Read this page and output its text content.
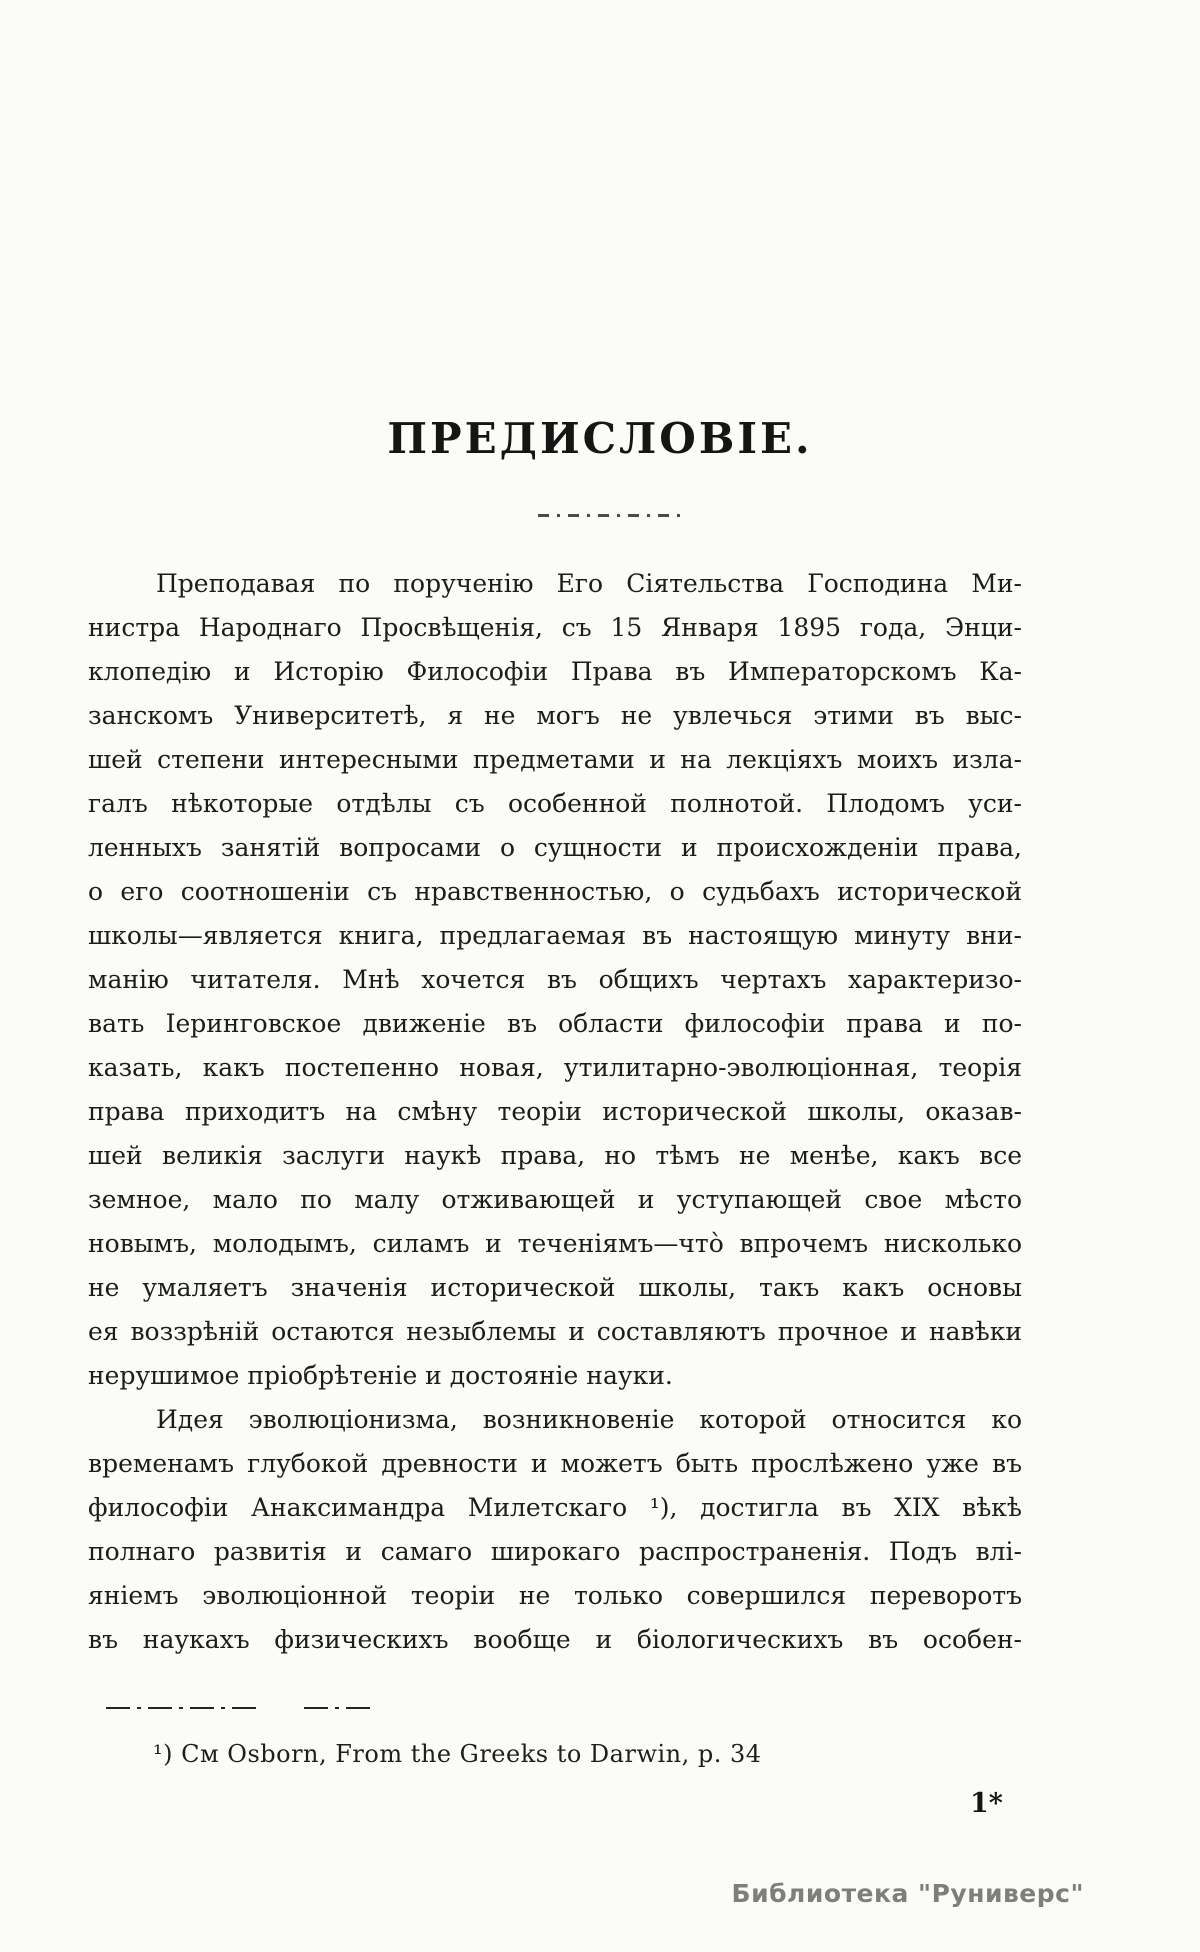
ПРЕДИСЛОВІЕ.
Преподавая по порученію Его Сіятельства Господина Ми-
нистра Народнаго Просвѣщенія, съ 15 Января 1895 года, Энци-
клопедію и Исторію Философіи Права въ Императорскомъ Ка-
занскомъ Университетѣ, я не могъ не увлечься этими въ выс-
шей степени интересными предметами и на лекціяхъ моихъ изла-
галъ нѣкоторые отдѣлы съ особенной полнотой. Плодомъ уси-
ленныхъ занятій вопросами о сущности и происхожденіи права,
о его соотношеніи съ нравственностью, о судьбахъ исторической
школы—является книга, предлагаемая въ настоящую минуту вни-
манію читателя. Мнѣ хочется въ общихъ чертахъ характеризо-
вать Іеринговское движеніе въ области философіи права и по-
казать, какъ постепенно новая, утилитарно-эволюціонная, теорія
права приходитъ на смѣну теоріи исторической школы, оказав-
шей великія заслуги наукѣ права, но тѣмъ не менѣе, какъ все
земное, мало по малу отживающей и уступающей свое мѣсто
новымъ, молодымъ, силамъ и теченіямъ—что̀ впрочемъ нисколько
не умаляетъ значенія исторической школы, такъ какъ основы
ея воззрѣній остаются незыблемы и составляютъ прочное и навѣки
нерушимое пріобрѣтеніе и достояніе науки.
Идея эволюціонизма, возникновеніе которой относится ко
временамъ глубокой древности и можетъ быть прослѣжено уже въ
философіи Анаксимандра Милетскаго ¹), достигла въ XIX вѣкѣ
полнаго развитія и самаго широкаго распространенія. Подъ влі-
яніемъ эволюціонной теоріи не только совершился переворотъ
въ наукахъ физическихъ вообще и біологическихъ въ особен-
¹) См Osborn, From the Greeks to Darwin, p. 34
1*
Библиотека "Руниверс"
